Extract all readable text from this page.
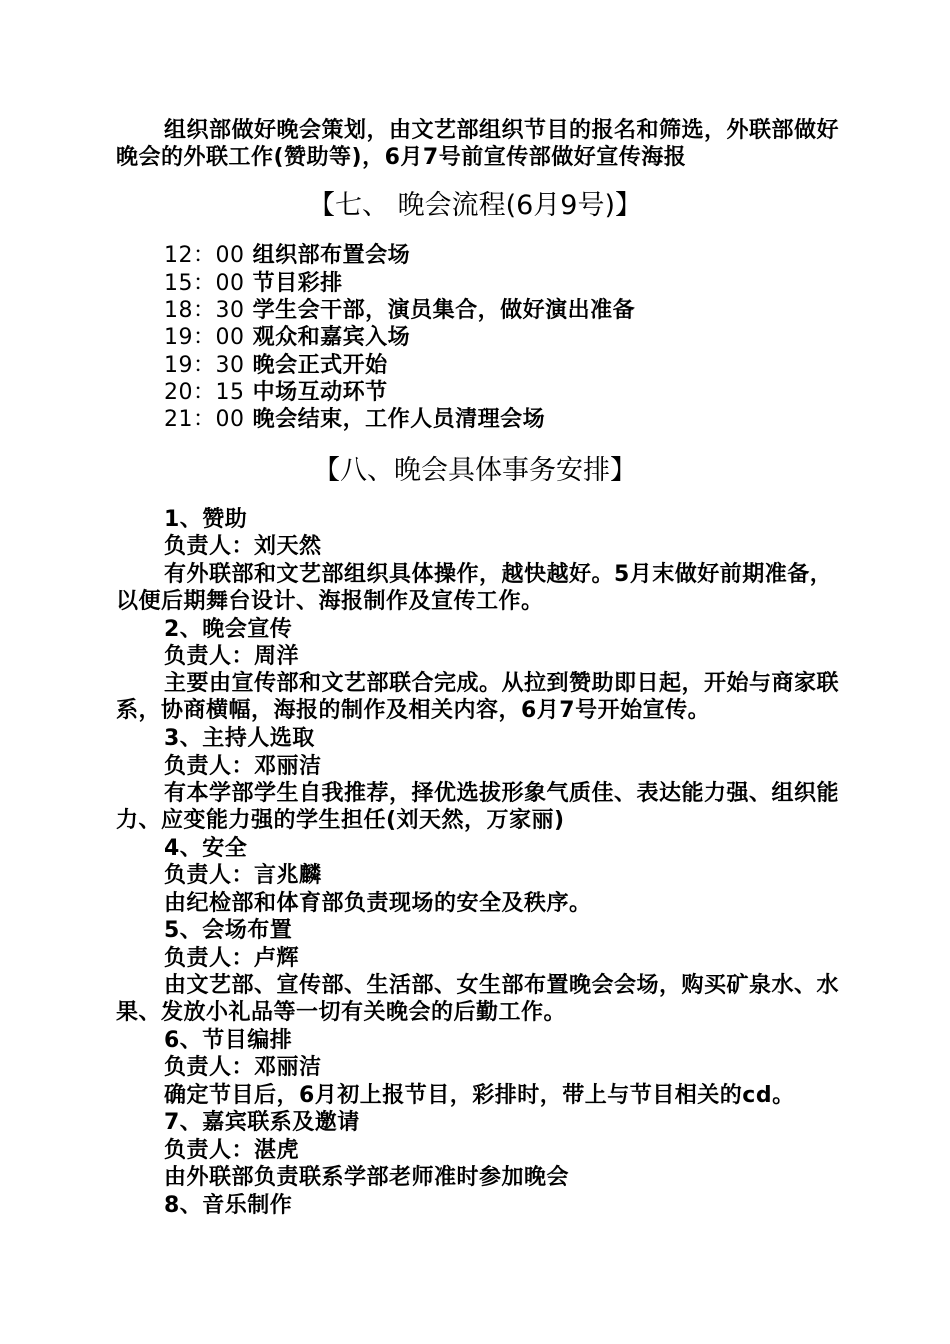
组织部做好晚会策划，由文艺部组织节目的报名和筛选，外联部做好晚会的外联工作(赞助等)，6月7号前宣传部做好宣传海报

【七、 晚会流程(6月9号)】

12：00 组织部布置会场

15：00 节目彩排

18：30 学生会干部，演员集合，做好演出准备

19：00 观众和嘉宾入场

19：30 晚会正式开始

20：15 中场互动环节

21：00 晚会结束，工作人员清理会场

【八、晚会具体事务安排】

1、赞助

负责人：刘天然

有外联部和文艺部组织具体操作，越快越好。5月末做好前期准备，以便后期舞台设计、海报制作及宣传工作。

2、晚会宣传

负责人：周洋

主要由宣传部和文艺部联合完成。从拉到赞助即日起，开始与商家联系，协商横幅，海报的制作及相关内容，6月7号开始宣传。

3、主持人选取

负责人：邓丽洁

有本学部学生自我推荐，择优选拔形象气质佳、表达能力强、组织能力、应变能力强的学生担任(刘天然，万家丽)

4、安全

负责人：言兆麟

由纪检部和体育部负责现场的安全及秩序。

5、会场布置

负责人：卢辉

由文艺部、宣传部、生活部、女生部布置晚会会场，购买矿泉水、水果、发放小礼品等一切有关晚会的后勤工作。

6、节目编排

负责人：邓丽洁

确定节目后，6月初上报节目，彩排时，带上与节目相关的cd。

7、嘉宾联系及邀请

负责人：湛虎

由外联部负责联系学部老师准时参加晚会

8、音乐制作
